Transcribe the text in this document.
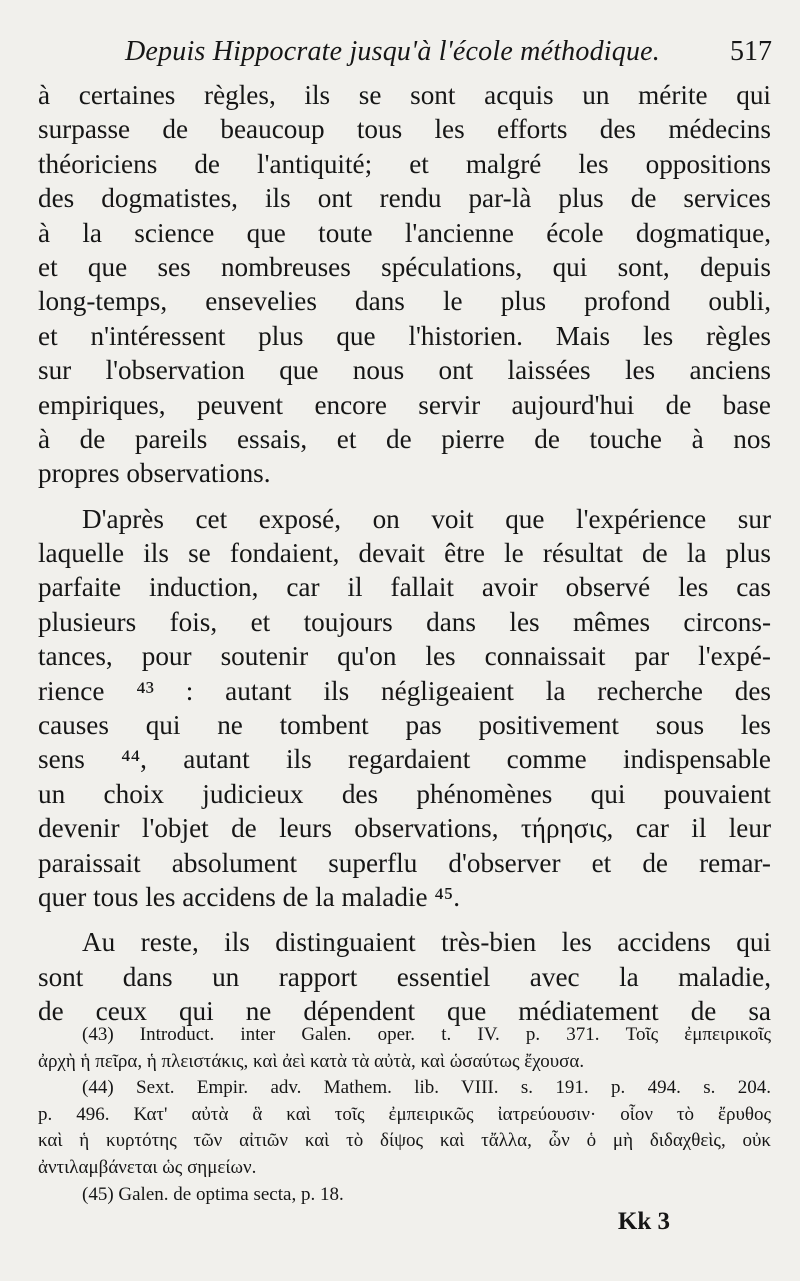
Depuis Hippocrate jusqu'à l'école méthodique.	517
à certaines règles, ils se sont acquis un mérite qui
surpasse de beaucoup tous les efforts des médecins
théoriciens de l'antiquité; et malgré les oppositions
des dogmatistes, ils ont rendu par-là plus de services
à la science que toute l'ancienne école dogmatique,
et que ses nombreuses spéculations, qui sont, depuis
long-temps, ensevelies dans le plus profond oubli,
et n'intéressent plus que l'historien. Mais les règles
sur l'observation que nous ont laissées les anciens
empiriques, peuvent encore servir aujourd'hui de base
à de pareils essais, et de pierre de touche à nos
propres observations.
D'après cet exposé, on voit que l'expérience sur
laquelle ils se fondaient, devait être le résultat de la plus
parfaite induction, car il fallait avoir observé les cas
plusieurs fois, et toujours dans les mêmes circons-
tances, pour soutenir qu'on les connaissait par l'expé-
rience ⁴³ : autant ils négligeaient la recherche des
causes qui ne tombent pas positivement sous les
sens ⁴⁴, autant ils regardaient comme indispensable
un choix judicieux des phénomènes qui pouvaient
devenir l'objet de leurs observations, τήρησις, car il leur
paraissait absolument superflu d'observer et de remar-
quer tous les accidens de la maladie ⁴⁵.
Au reste, ils distinguaient très-bien les accidens qui
sont dans un rapport essentiel avec la maladie,
de ceux qui ne dépendent que médiatement de sa
(43) Introduct. inter Galen. oper. t. IV. p. 371. Τοῖς ἐμπειρικοῖς
ἀρχὴ ἡ πεῖρα, ἡ πλειστάκις, καὶ ἀεὶ κατὰ τὰ αὐτὰ, καὶ ὡσαύτως ἔχουσα.
(44) Sext. Empir. adv. Mathem. lib. VIII. s. 191. p. 494. s. 204.
p. 496. Κατ' αὐτὰ ἃ καὶ τοῖς ἐμπειρικῶς ἰατρεύουσιν· οἷον τὸ ἔρυθος
καὶ ἡ κυρτότης τῶν αἰτιῶν καὶ τὸ δίψος καὶ τἄλλα, ὧν ὁ μὴ διδαχθεὶς, οὐκ
ἀντιλαμβάνεται ὡς σημείων.
(45) Galen. de optima secta, p. 18.
Kk 3
